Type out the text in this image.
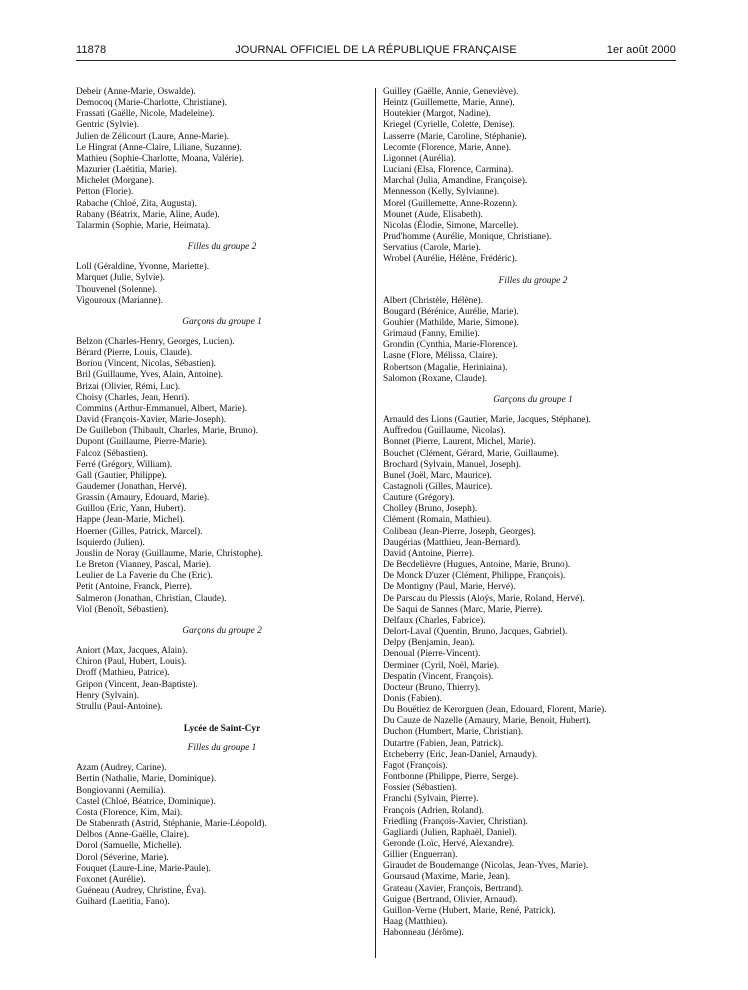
11878	JOURNAL OFFICIEL DE LA RÉPUBLIQUE FRANÇAISE	1er août 2000
Debeir (Anne-Marie, Oswalde).
Democoq (Marie-Charlotte, Christiane).
Frassati (Gaëlle, Nicole, Madeleine).
Gentric (Sylvie).
Julien de Zélicourt (Laure, Anne-Marie).
Le Hingrat (Anne-Claire, Liliane, Suzanne).
Mathieu (Sophie-Charlotte, Moana, Valérie).
Mazurier (Laëtitia, Marie).
Michelet (Morgane).
Petton (Florie).
Rabache (Chloé, Zita, Augusta).
Rabany (Béatrix, Marie, Aline, Aude).
Talarmin (Sophie, Marie, Heimata).
Filles du groupe 2
Loll (Géraldine, Yvonne, Mariette).
Marquet (Julie, Sylvie).
Thouvenel (Solenne).
Vigouroux (Marianne).
Garçons du groupe 1
Belzon (Charles-Henry, Georges, Lucien).
Bérard (Pierre, Louis, Claude).
Boriou (Vincent, Nicolas, Sébastien).
Bril (Guillaume, Yves, Alain, Antoine).
Brizai (Olivier, Rémi, Luc).
Choisy (Charles, Jean, Henri).
Commins (Arthur-Emmanuel, Albert, Marie).
David (François-Xavier, Marie-Joseph).
De Guillebon (Thibault, Charles, Marie, Bruno).
Dupont (Guillaume, Pierre-Marie).
Falcoz (Sébastien).
Ferré (Grégory, William).
Gall (Gautier, Philippe).
Gaudemer (Jonathan, Hervé).
Grassin (Amaury, Edouard, Marie).
Guillou (Eric, Yann, Hubert).
Happe (Jean-Marie, Michel).
Hoerner (Gilles, Patrick, Marcel).
Isquierdo (Julien).
Jouslin de Noray (Guillaume, Marie, Christophe).
Le Breton (Vianney, Pascal, Marie).
Leulier de La Faverie du Che (Eric).
Petit (Antoine, Franck, Pierre).
Salmeron (Jonathan, Christian, Claude).
Viol (Benoît, Sébastien).
Garçons du groupe 2
Aniort (Max, Jacques, Alain).
Chiron (Paul, Hubert, Louis).
Droff (Mathieu, Patrice).
Gripon (Vincent, Jean-Baptiste).
Henry (Sylvain).
Strullu (Paul-Antoine).
Lycée de Saint-Cyr
Filles du groupe 1
Azam (Audrey, Carine).
Bertin (Nathalie, Marie, Dominique).
Bongiovanni (Aemilia).
Castel (Chloé, Béatrice, Dominique).
Costa (Florence, Kim, Mai).
De Stabenrath (Astrid, Stéphanie, Marie-Léopold).
Delbos (Anne-Gaëlle, Claire).
Dorol (Samuelle, Michelle).
Dorol (Séverine, Marie).
Fouquet (Laure-Line, Marie-Paule).
Foxonet (Aurélie).
Guéneau (Audrey, Christine, Éva).
Guihard (Laetitia, Fano).
Guilley (Gaëlle, Annie, Geneviève).
Heintz (Guillemette, Marie, Anne).
Houtekier (Margot, Nadine).
Kriegel (Cyrielle, Colette, Denise).
Lasserre (Marie, Caroline, Stéphanie).
Lecomte (Florence, Marie, Anne).
Ligonnet (Aurélia).
Luciani (Elsa, Florence, Carmina).
Marchal (Julia, Amandine, Françoise).
Mennesson (Kelly, Sylvianne).
Morel (Guillemette, Anne-Rozenn).
Mounet (Aude, Elisabeth).
Nicolas (Élodie, Simone, Marcelle).
Prud'homme (Aurélie, Monique, Christiane).
Servatius (Carole, Marie).
Wrobel (Aurélie, Hélène, Frédéric).
Filles du groupe 2
Albert (Christèle, Hélène).
Bougard (Bérénice, Aurélie, Marie).
Gouhier (Mathilde, Marie, Simone).
Grimaud (Fanny, Emilie).
Grondin (Cynthia, Marie-Florence).
Lasne (Flore, Mélissa, Claire).
Robertson (Magalie, Heriniaina).
Salomon (Roxane, Claude).
Garçons du groupe 1
Arnauld des Lions (Gautier, Marie, Jacques, Stéphane).
Auffredou (Guillaume, Nicolas).
Bonnet (Pierre, Laurent, Michel, Marie).
Bouchet (Clément, Gérard, Marie, Guillaume).
Brochard (Sylvain, Manuel, Joseph).
Bunel (Joël, Marc, Maurice).
Castagnoli (Gilles, Maurice).
Cauture (Grégory).
Cholley (Bruno, Joseph).
Clément (Romain, Mathieu).
Colibeau (Jean-Pierre, Joseph, Georges).
Daugérias (Matthieu, Jean-Bernard).
David (Antoine, Pierre).
De Becdelièvre (Hugues, Antoine, Marie, Bruno).
De Monck D'uzer (Clément, Philippe, François).
De Montigny (Paul, Marie, Hervé).
De Parscau du Plessis (Aloÿs, Marie, Roland, Hervé).
De Saqui de Sannes (Marc, Marie, Pierre).
Delfaux (Charles, Fabrice).
Delort-Laval (Quentin, Bruno, Jacques, Gabriel).
Delpy (Benjamin, Jean).
Denoual (Pierre-Vincent).
Derminer (Cyril, Noël, Marie).
Despatin (Vincent, François).
Docteur (Bruno, Thierry).
Donis (Fabien).
Du Bouëtiez de Kerorguen (Jean, Edouard, Florent, Marie).
Du Cauze de Nazelle (Amaury, Marie, Benoit, Hubert).
Duchon (Humbert, Marie, Christian).
Dutartre (Fabien, Jean, Patrick).
Etcheberry (Eric, Jean-Daniel, Arnaudy).
Fagot (François).
Fontbonne (Philippe, Pierre, Serge).
Fossier (Sébastien).
Franchi (Sylvain, Pierre).
François (Adrien, Roland).
Friedling (François-Xavier, Christian).
Gagliardi (Julien, Raphaël, Daniel).
Geronde (Loïc, Hervé, Alexandre).
Gillier (Enguerran).
Giraudet de Boudemange (Nicolas, Jean-Yves, Marie).
Goursaud (Maxime, Marie, Jean).
Grateau (Xavier, François, Bertrand).
Guigue (Bertrand, Olivier, Arnaud).
Guillon-Verne (Hubert, Marie, René, Patrick).
Haag (Matthieu).
Habonneau (Jérôme).
